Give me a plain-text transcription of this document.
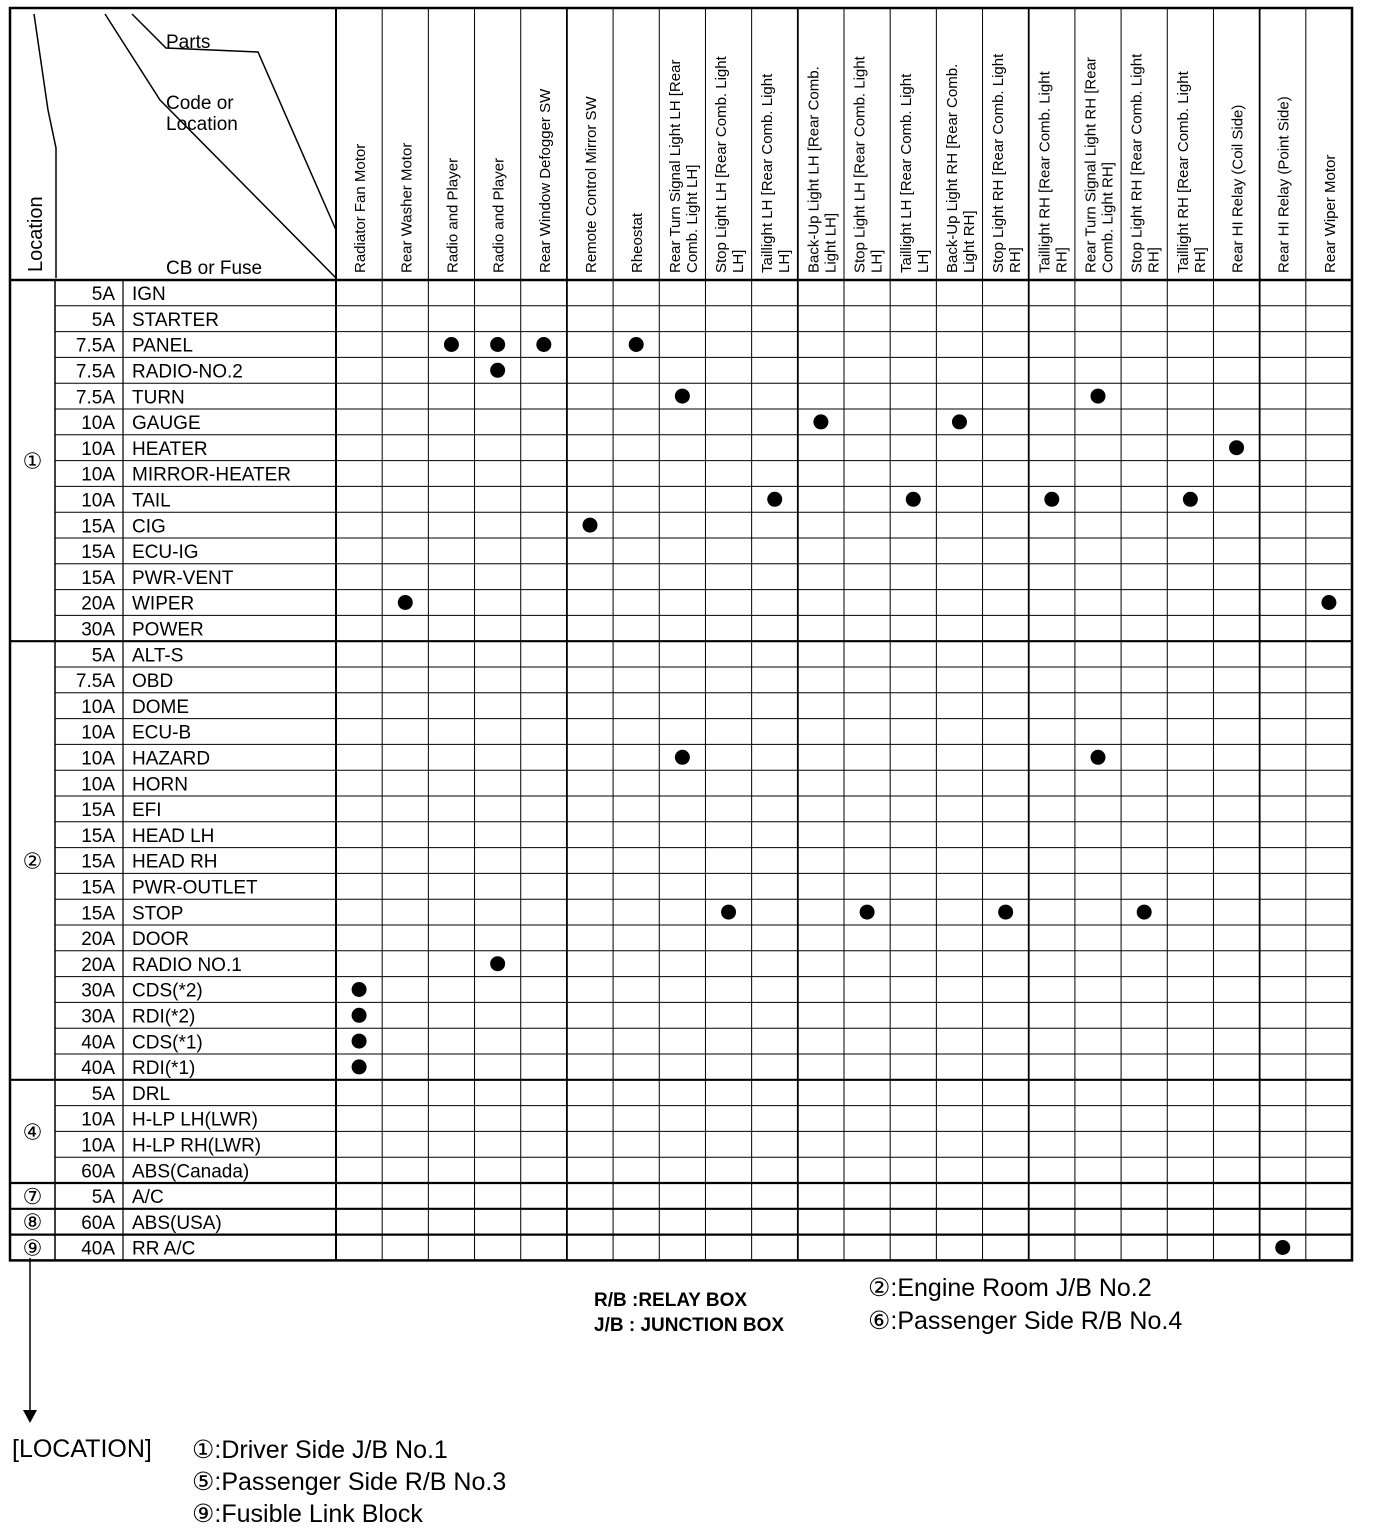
Parts
Code or
Location
CB or Fuse
Location	Radiator Fan Motor Rear Washer Motor Radio and Player Radio and Player Rear Window Defogger SW Remote Control Mirror SW Rheostat Rear Turn Signal Light LH [Rear Comb. Light LH] Stop Light LH [Rear Comb. Light LH] Taillight LH [Rear Comb. Light LH] Back-Up Light LH [Rear Comb. Light LH] Stop Light LH [Rear Comb. Light LH] Taillight LH [Rear Comb. Light LH] Back-Up Light RH [Rear Comb. Light RH] Stop Light RH [Rear Comb. Light RH] Taillight RH [Rear Comb. Light RH] Rear Turn Signal Light RH [Rear Comb. Light RH] Stop Light RH [Rear Comb. Light RH] Taillight RH [Rear Comb. Light RH] Rear HI Relay (Coil Side) Rear HI Relay (Point Side) Rear Wiper Motor
5A IGN
5A STARTER
7.5A PANEL
7.5A RADIO-NO.2
7.5A TURN
10A GAUGE
10A HEATER
10A MIRROR-HEATER
10A TAIL
15A CIG
15A ECU-IG
15A PWR-VENT
20A WIPER
30A POWER
5A ALT-S
7.5A OBD
10A DOME
10A ECU-B
10A HAZARD
10A HORN
15A EFI
15A HEAD LH
15A HEAD RH
15A PWR-OUTLET
15A STOP
20A DOOR
20A RADIO NO.1
30A CDS(*2)
30A RDI(*2)
40A CDS(*1)
40A RDI(*1)
5A DRL
10A H-LP LH(LWR)
10A H-LP RH(LWR)
60A ABS(Canada)
5A A/C
60A ABS(USA)
40A RR A/C
①
②
④
⑦
⑧
⑨
R/B :RELAY BOX
J/B : JUNCTION BOX
②:Engine Room J/B No.2
⑥:Passenger Side R/B No.4
[LOCATION] ①:Driver Side J/B No.1
⑤:Passenger Side R/B No.3
⑨:Fusible Link Block
